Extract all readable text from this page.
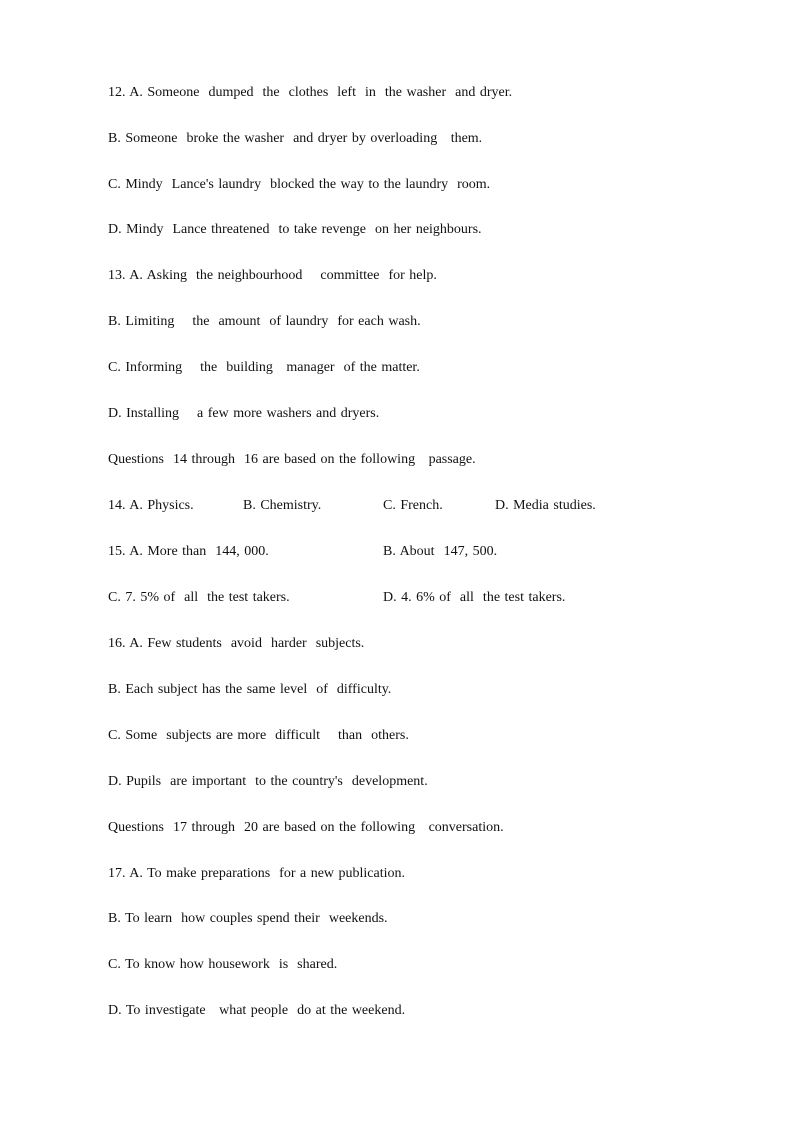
12. A. Someone  dumped  the  clothes  left  in  the washer  and dryer.
B. Someone  broke the washer  and dryer by overloading   them.
C. Mindy  Lance's laundry  blocked the way to the laundry  room.
D. Mindy  Lance threatened  to take revenge  on her neighbours.
13. A. Asking  the neighbourhood    committee  for help.
B. Limiting    the  amount  of laundry  for each wash.
C. Informing    the  building   manager  of the matter.
D. Installing    a few more washers and dryers.
Questions  14 through  16 are based on the following   passage.
14. A. Physics.	B. Chemistry.	C. French.	D. Media studies.
15. A. More than  144, 000.	B. About  147, 500.
C. 7. 5% of  all  the test takers.	D. 4. 6% of  all  the test takers.
16. A. Few students  avoid  harder  subjects.
B. Each subject has the same level  of  difficulty.
C. Some  subjects are more  difficult    than  others.
D. Pupils  are important  to the country's  development.
Questions  17 through  20 are based on the following   conversation.
17. A. To make preparations  for a new publication.
B. To learn  how couples spend their  weekends.
C. To know how housework  is  shared.
D. To investigate   what people  do at the weekend.
